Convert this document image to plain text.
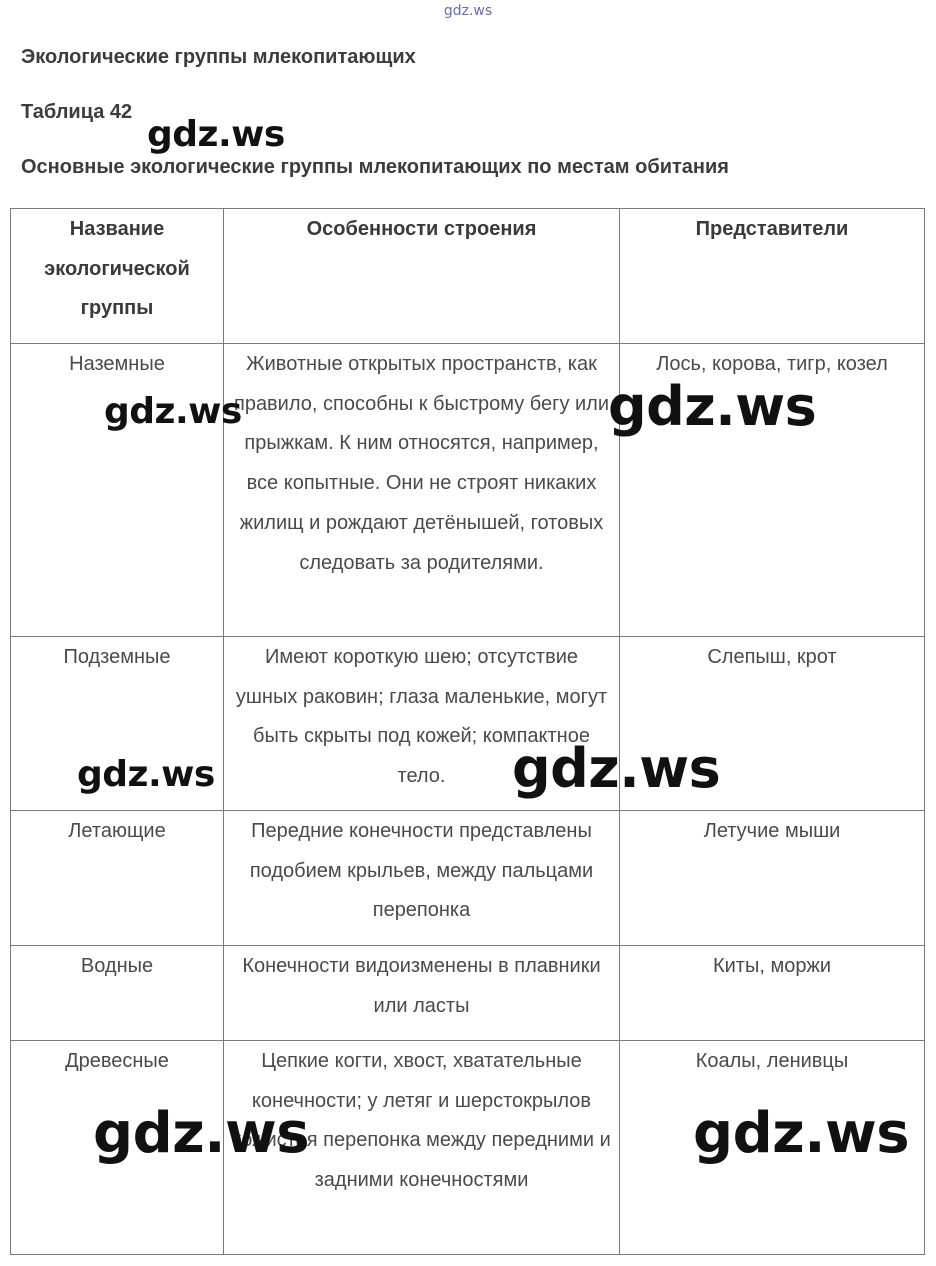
gdz.ws
Экологические группы млекопитающих
Таблица 42
Основные экологические группы млекопитающих по местам обитания
Название экологической группы	Особенности строения	Представители
Наземные	Животные открытых пространств, как правило, способны к быстрому бегу или прыжкам. К ним относятся, например, все копытные. Они не строят никаких жилищ и рождают детёнышей, готовых следовать за родителями.	Лось, корова, тигр, козел
Подземные	Имеют короткую шею; отсутствие ушных раковин; глаза маленькие, могут быть скрыты под кожей; компактное тело.	Слепыш, крот
Летающие	Передние конечности представлены подобием крыльев, между пальцами перепонка	Летучие мыши
Водные	Конечности видоизменены в плавники или ласты	Киты, моржи
Древесные	Цепкие когти, хвост, хватательные конечности; у летяг и шерстокрылов кожистая перепонка между передними и задними конечностями	Коалы, ленивцы
gdz.ws
gdz.ws	gdz.ws
gdz.ws	gdz.ws
gdz.ws	gdz.ws
